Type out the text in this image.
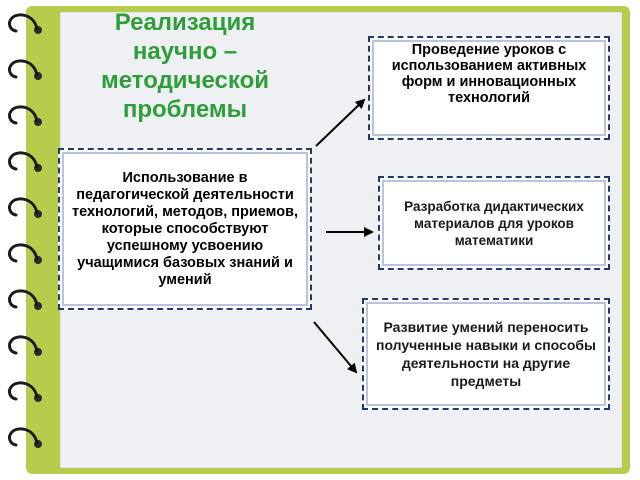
Реализация научно – методической проблемы
Использование в педагогической деятельности технологий, методов, приемов, которые способствуют успешному усвоению учащимися базовых знаний и умений
Проведение уроков с использованием активных форм и инновационных технологий
Разработка дидактических материалов для уроков математики
Развитие умений переносить полученные навыки и способы деятельности на другие предметы
